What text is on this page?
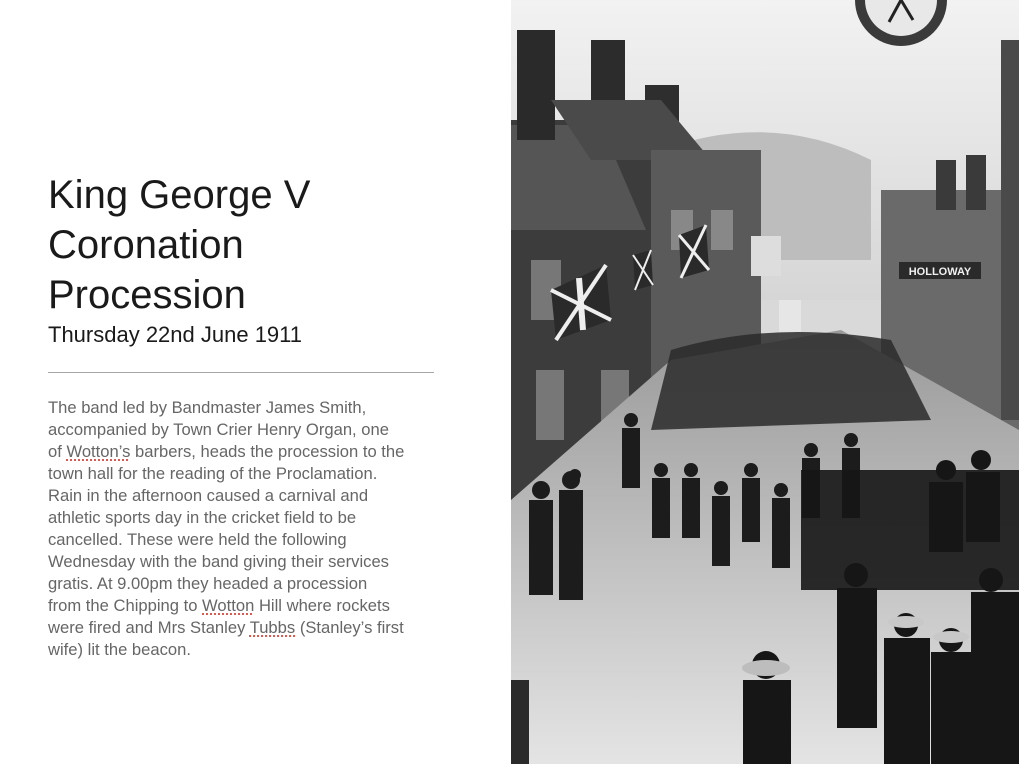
King George V
Coronation
Procession

Thursday 22nd June 1911

The band led by Bandmaster James Smith,
accompanied by Town Crier Henry Organ, one
of Wotton’s barbers, heads the procession to the
town hall for the reading of the Proclamation.
Rain in the afternoon caused a carnival and
athletic sports day in the cricket field to be
cancelled. These were held the following
Wednesday with the band giving their services
gratis. At 9.00pm they headed a procession
from the Chipping to Wotton Hill where rockets
were fired and Mrs Stanley Tubbs (Stanley’s first
wife) lit the beacon.
HOLLOWAY
